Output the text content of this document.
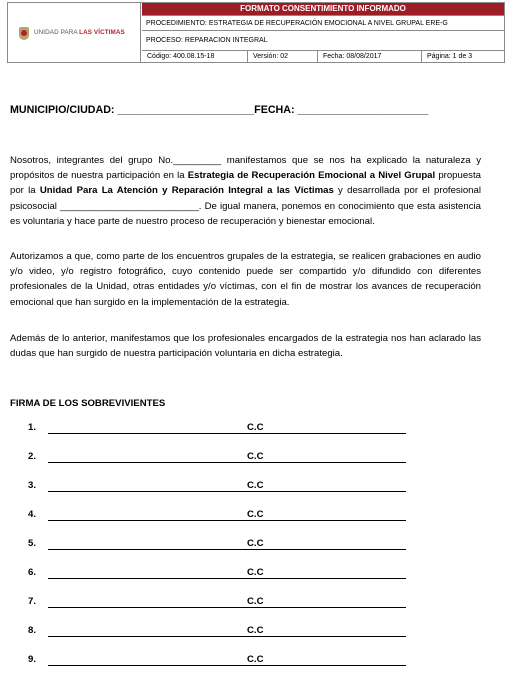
UNIDAD PARA LAS VÍCTIMAS
FORMATO CONSENTIMIENTO INFORMADO
PROCEDIMIENTO: ESTRATEGIA DE RECUPERACIÓN EMOCIONAL A NIVEL GRUPAL ERE-G
PROCESO: REPARACION INTEGRAL
Código: 400.08.15-18	Versión: 02	Fecha: 08/08/2017	Página: 1 de 3
MUNICIPIO/CIUDAD: _______________________FECHA: ______________________
Nosotros, integrantes del grupo No._________ manifestamos que se nos ha explicado la naturaleza y propósitos de nuestra participación en la Estrategia de Recuperación Emocional a Nivel Grupal propuesta por la Unidad Para La Atención y Reparación Integral a las Víctimas y desarrollada por el profesional psicosocial __________________________. De igual manera, ponemos en conocimiento que esta asistencia es voluntaria y hace parte de nuestro proceso de recuperación y bienestar emocional.
Autorizamos a que, como parte de los encuentros grupales de la estrategia, se realicen grabaciones en audio y/o video, y/o registro fotográfico, cuyo contenido puede ser compartido y/o difundido con diferentes profesionales de la Unidad, otras entidades y/o víctimas, con el fin de mostrar los avances de recuperación emocional que han surgido en la implementación de la estrategia.
Además de lo anterior, manifestamos que los profesionales encargados de la estrategia nos han aclarado las dudas que han surgido de nuestra participación voluntaria en dicha estrategia.
FIRMA DE LOS SOBREVIVIENTES
1.	C.C
2.	C.C
3.	C.C
4.	C.C
5.	C.C
6.	C.C
7.	C.C
8.	C.C
9.	C.C
